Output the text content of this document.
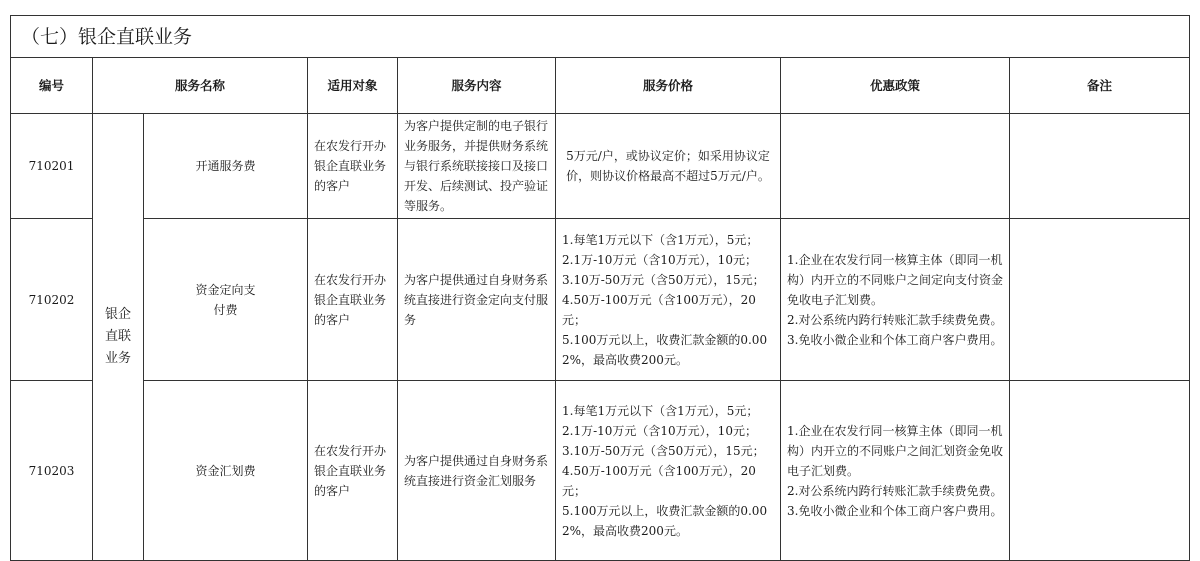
（七）银企直联业务							
编号	服务名称		适用对象	服务内容	服务价格	优惠政策	备注
710201	银企直联业务	开通服务费	在农发行开办银企直联业务的客户	为客户提供定制的电子银行业务服务，并提供财务系统与银行系统联接接口及接口开发、后续测试、投产验证等服务。	5万元/户，或协议定价；如采用协议定价，则协议价格最高不超过5万元/户。		
710202		资金定向支付费	在农发行开办银企直联业务的客户	为客户提供通过自身财务系统直接进行资金定向支付服务	1.每笔1万元以下（含1万元），5元；
2.1万-10万元（含10万元），10元；
3.10万-50万元（含50万元），15元；
4.50万-100万元（含100万元），20元；
5.100万元以上，收费汇款金额的0.002%，最高收费200元。	1.企业在农发行同一核算主体（即同一机构）内开立的不同账户之间定向支付资金免收电子汇划费。
2.对公系统内跨行转账汇款手续费免费。
3.免收小微企业和个体工商户客户费用。	
710203		资金汇划费	在农发行开办银企直联业务的客户	为客户提供通过自身财务系统直接进行资金汇划服务	1.每笔1万元以下（含1万元），5元；
2.1万-10万元（含10万元），10元；
3.10万-50万元（含50万元），15元；
4.50万-100万元（含100万元），20元；
5.100万元以上，收费汇款金额的0.002%，最高收费200元。	1.企业在农发行同一核算主体（即同一机构）内开立的不同账户之间汇划资金免收电子汇划费。
2.对公系统内跨行转账汇款手续费免费。
3.免收小微企业和个体工商户客户费用。	
